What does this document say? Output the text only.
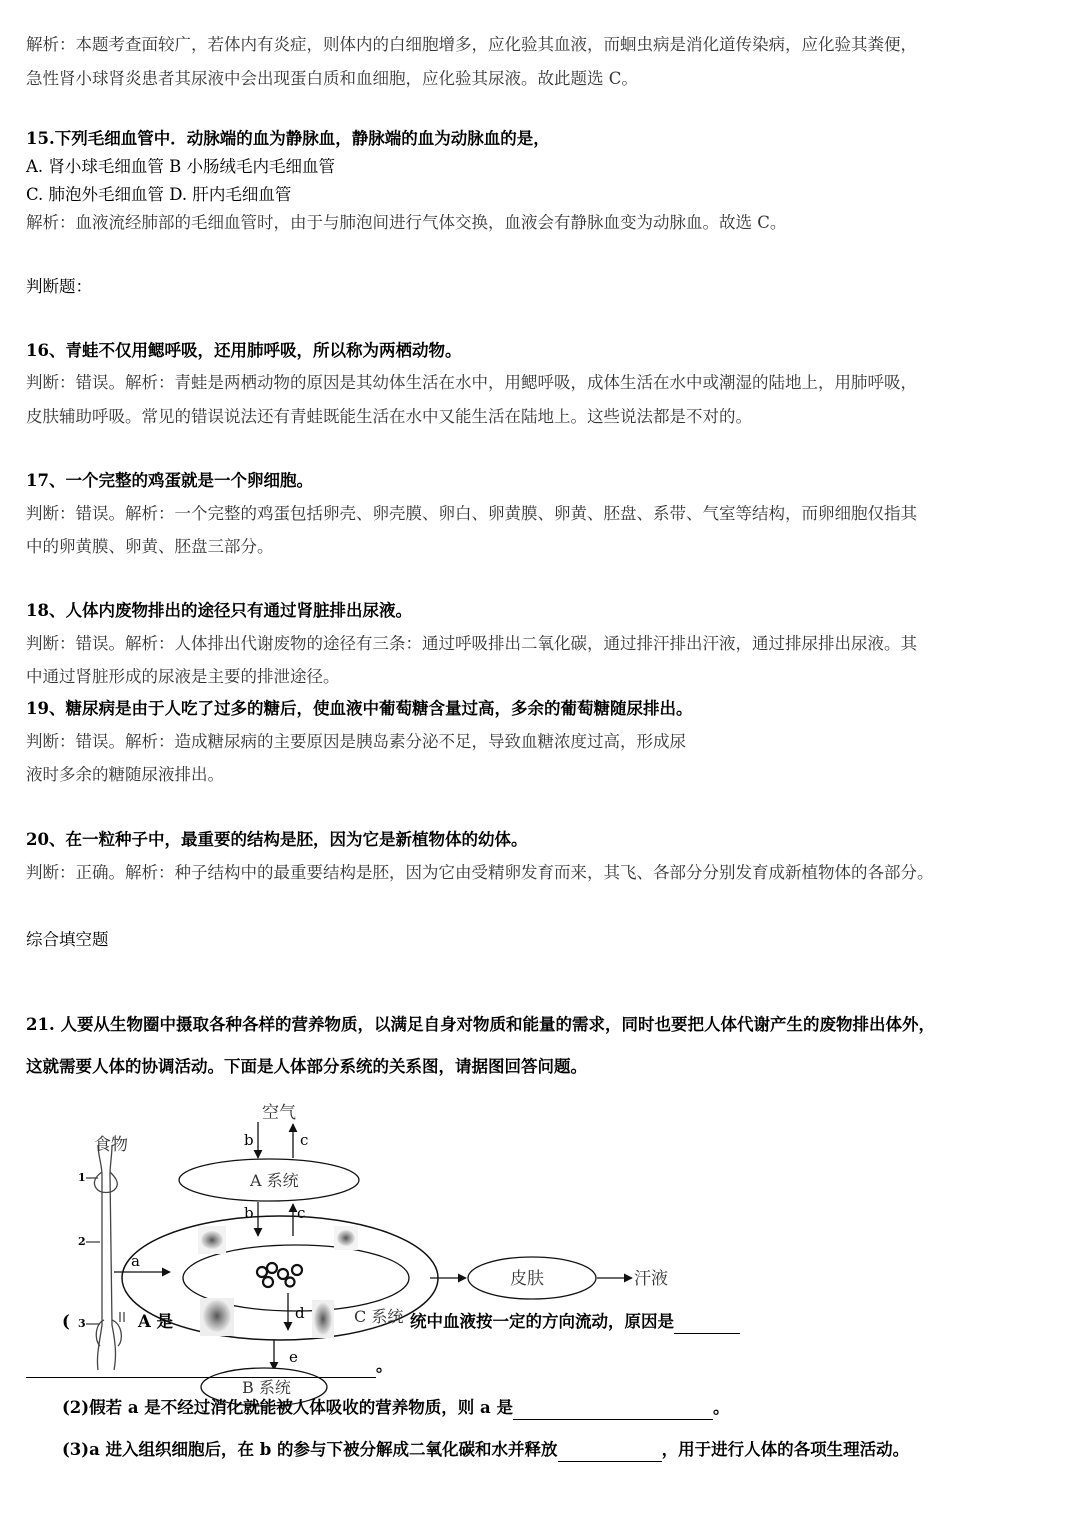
解析：本题考查面较广，若体内有炎症，则体内的白细胞增多，应化验其血液，而蛔虫病是消化道传染病，应化验其粪便，
急性肾小球肾炎患者其尿液中会出现蛋白质和血细胞，应化验其尿液。故此题选 C。
15.下列毛细血管中．动脉端的血为静脉血，静脉端的血为动脉血的是，
A. 肾小球毛细血管 B 小肠绒毛内毛细血管
C. 肺泡外毛细血管 D. 肝内毛细血管
解析：血液流经肺部的毛细血管时，由于与肺泡间进行气体交换，血液会有静脉血变为动脉血。故选 C。
判断题：
16、青蛙不仅用鳃呼吸，还用肺呼吸，所以称为两栖动物。
判断：错误。解析：青蛙是两栖动物的原因是其幼体生活在水中，用鳃呼吸，成体生活在水中或潮湿的陆地上，用肺呼吸，
皮肤辅助呼吸。常见的错误说法还有青蛙既能生活在水中又能生活在陆地上。这些说法都是不对的。
17、一个完整的鸡蛋就是一个卵细胞。
判断：错误。解析：一个完整的鸡蛋包括卵壳、卵壳膜、卵白、卵黄膜、卵黄、胚盘、系带、气室等结构，而卵细胞仅指其
中的卵黄膜、卵黄、胚盘三部分。
18、人体内废物排出的途径只有通过肾脏排出尿液。
判断：错误。解析：人体排出代谢废物的途径有三条：通过呼吸排出二氧化碳，通过排汗排出汗液，通过排尿排出尿液。其
中通过肾脏形成的尿液是主要的排泄途径。
19、糖尿病是由于人吃了过多的糖后，使血液中葡萄糖含量过高，多余的葡萄糖随尿排出。
判断：错误。解析：造成糖尿病的主要原因是胰岛素分泌不足，导致血糖浓度过高，形成尿
液时多余的糖随尿液排出。
20、在一粒种子中，最重要的结构是胚，因为它是新植物体的幼体。
判断：正确。解析：种子结构中的最重要结构是胚，因为它由受精卵发育而来，其飞、各部分分别发育成新植物体的各部分。
综合填空题
21. 人要从生物圈中摄取各种各样的营养物质，以满足自身对物质和能量的需求，同时也要把人体代谢产生的废物排出体外，
这就需要人体的协调活动。下面是人体部分系统的关系图，请据图回答问题。
1
2
3
食物
空气
b	c
A 系统
b	c
C 系统
a
d
皮肤	汗液
e
B 系统
(	A 是	统中血液按一定的方向流动，原因是
。
(2)假若 a 是不经过消化就能被人体吸收的营养物质，则 a 是	。
(3)a 进入组织细胞后，在 b 的参与下被分解成二氧化碳和水并释放	，用于进行人体的各项生理活动。
